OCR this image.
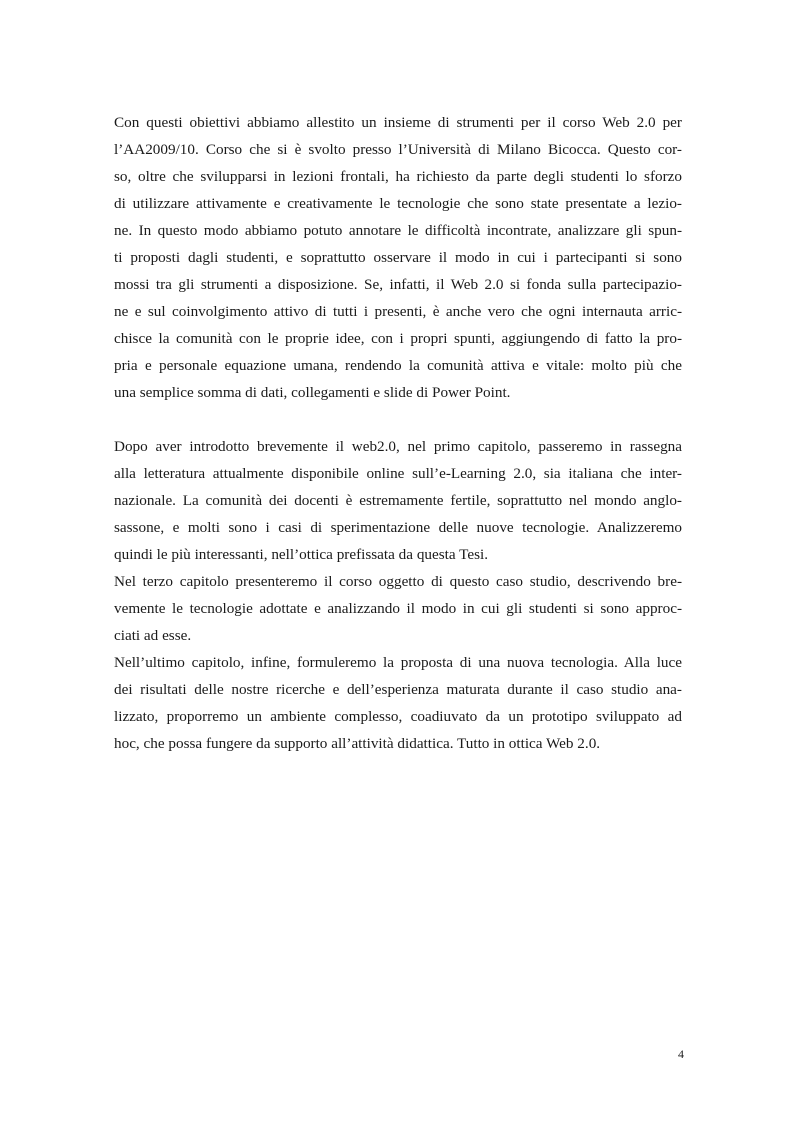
Con questi obiettivi abbiamo allestito un insieme di strumenti per il corso Web 2.0 per
l’AA2009/10. Corso che si è svolto presso l’Università di Milano Bicocca. Questo cor-
so, oltre che svilupparsi in lezioni frontali, ha richiesto da parte degli studenti lo sforzo
di utilizzare attivamente e creativamente le tecnologie che sono state presentate a lezio-
ne. In questo modo abbiamo potuto annotare le difficoltà incontrate, analizzare gli spun-
ti proposti dagli studenti, e soprattutto osservare il modo in cui i partecipanti si sono
mossi tra gli strumenti a disposizione. Se, infatti, il Web 2.0 si fonda sulla partecipazio-
ne e sul coinvolgimento attivo di tutti i presenti, è anche vero che ogni internauta arric-
chisce la comunità con le proprie idee, con i propri spunti, aggiungendo di fatto la pro-
pria e personale equazione umana, rendendo la comunità attiva e vitale: molto più che
una semplice somma di dati, collegamenti e slide di Power Point.
Dopo aver introdotto brevemente il web2.0, nel primo capitolo, passeremo in rassegna
alla letteratura attualmente disponibile online sull’e-Learning 2.0, sia italiana che inter-
nazionale. La comunità dei docenti è estremamente fertile, soprattutto nel mondo anglo-
sassone, e molti sono i casi di sperimentazione delle nuove tecnologie. Analizzeremo
quindi le più interessanti, nell’ottica prefissata da questa Tesi.
Nel terzo capitolo presenteremo il corso oggetto di questo caso studio, descrivendo bre-
vemente le tecnologie adottate e analizzando il modo in cui gli studenti si sono approc-
ciati ad esse.
Nell’ultimo capitolo, infine, formuleremo la proposta di una nuova tecnologia. Alla luce
dei risultati delle nostre ricerche e dell’esperienza maturata durante il caso studio ana-
lizzato, proporremo un ambiente complesso, coadiuvato da un prototipo sviluppato ad
hoc, che possa fungere da supporto all’attività didattica. Tutto in ottica Web 2.0.
4
